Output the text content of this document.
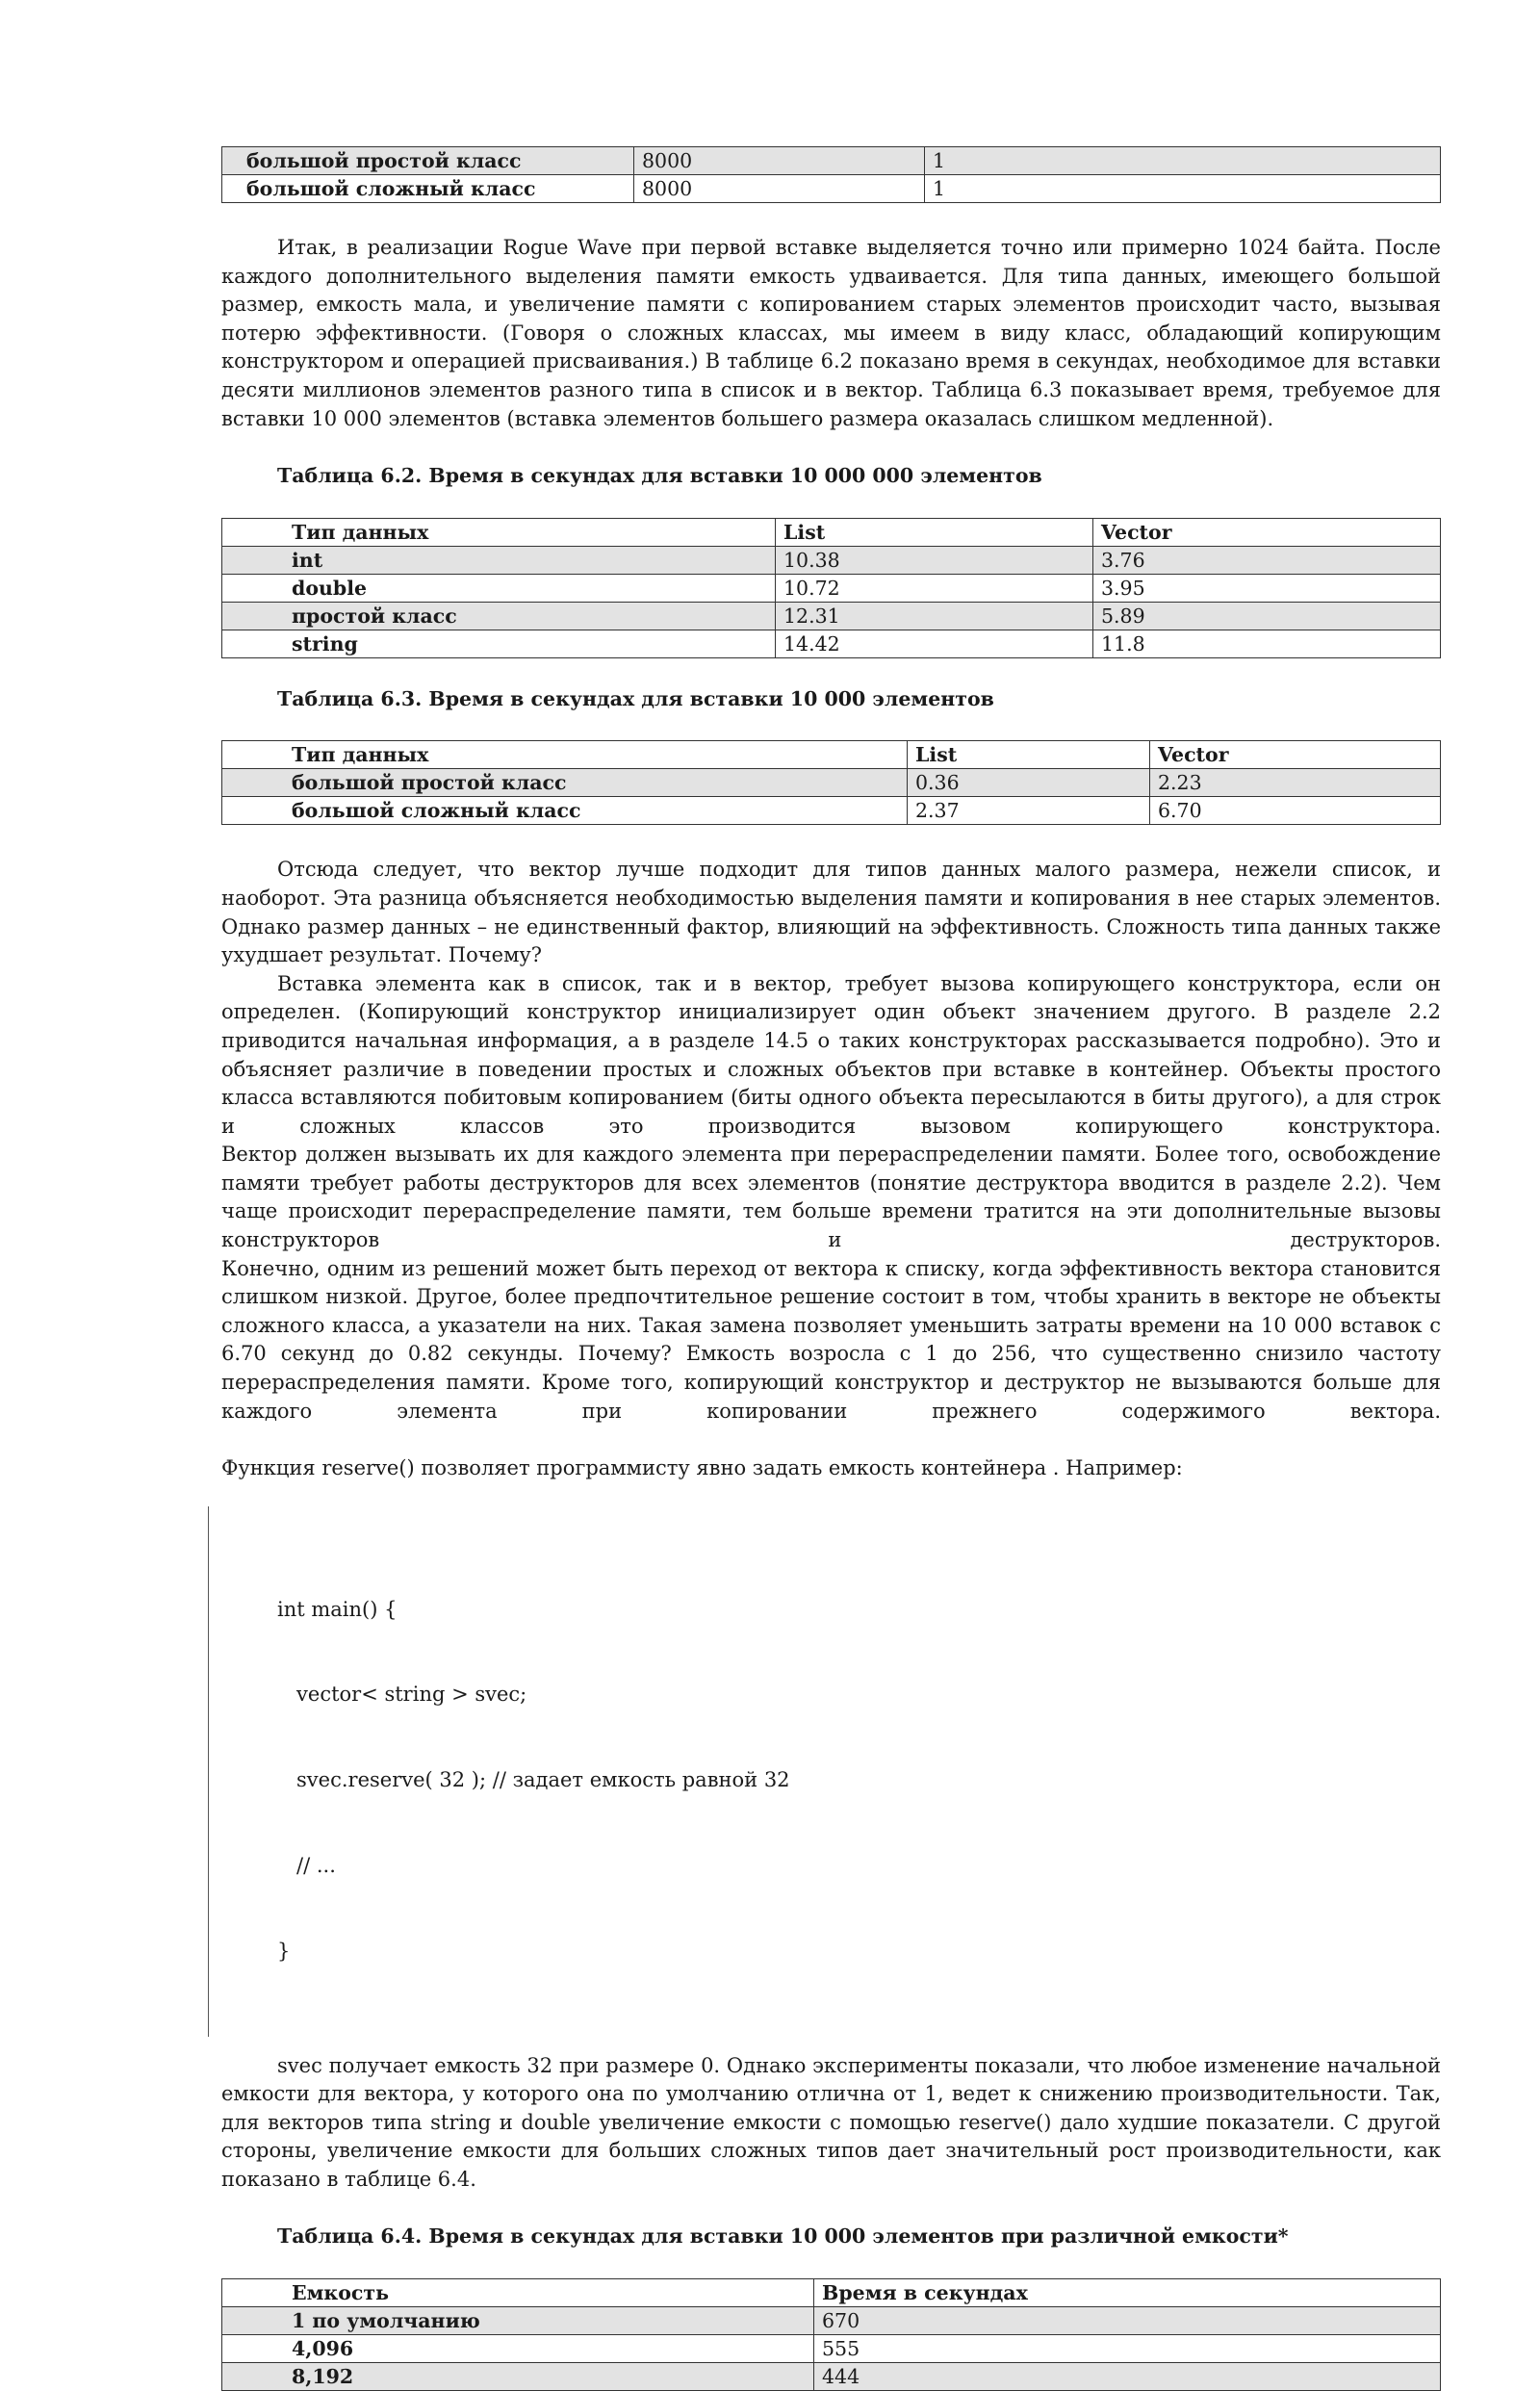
большой простой класс	8000	1
большой сложный класс	8000	1

Итак, в реализации Rogue Wave при первой вставке выделяется точно или примерно 1024 байта. После каждого дополнительного выделения памяти емкость удваивается. Для типа данных, имеющего большой размер, емкость мала, и увеличение памяти с копированием старых элементов происходит часто, вызывая потерю эффективности. (Говоря о сложных классах, мы имеем в виду класс, обладающий копирующим конструктором и операцией присваивания.) В таблице 6.2 показано время в секундах, необходимое для вставки десяти миллионов элементов разного типа в список и в вектор. Таблица 6.3 показывает время, требуемое для вставки 10 000 элементов (вставка элементов большего размера оказалась слишком медленной).

Таблица 6.2. Время в секундах для вставки 10 000 000 элементов
Тип данных	List	Vector
int	10.38	3.76
double	10.72	3.95
простой класс	12.31	5.89
string	14.42	11.8
Таблица 6.3. Время в секундах для вставки 10 000 элементов
Тип данных	List	Vector
большой простой класс	0.36	2.23
большой сложный класс	2.37	6.70

Отсюда следует, что вектор лучше подходит для типов данных малого размера, нежели список, и наоборот. Эта разница объясняется необходимостью выделения памяти и копирования в нее старых элементов. Однако размер данных – не единственный фактор, влияющий на эффективность. Сложность типа данных также ухудшает результат. Почему?

Вставка элемента как в список, так и в вектор, требует вызова копирующего конструктора, если он определен. (Копирующий конструктор инициализирует один объект значением другого. В разделе 2.2 приводится начальная информация, а в разделе 14.5 о таких конструкторах рассказывается подробно). Это и объясняет различие в поведении простых и сложных объектов при вставке в контейнер. Объекты простого класса вставляются побитовым копированием (биты одного объекта пересылаются в биты другого), а для строк и сложных классов это производится вызовом копирующего конструктора.

Вектор должен вызывать их для каждого элемента при перераспределении памяти. Более того, освобождение памяти требует работы деструкторов для всех элементов (понятие деструктора вводится в разделе 2.2). Чем чаще происходит перераспределение памяти, тем больше времени тратится на эти дополнительные вызовы конструкторов и деструкторов.

Конечно, одним из решений может быть переход от вектора к списку, когда эффективность вектора становится слишком низкой. Другое, более предпочтительное решение состоит в том, чтобы хранить в векторе не объекты сложного класса, а указатели на них. Такая замена позволяет уменьшить затраты времени на 10 000 вставок с 6.70 секунд до 0.82 секунды. Почему? Емкость возросла с 1 до 256, что существенно снизило частоту перераспределения памяти. Кроме того, копирующий конструктор и деструктор не вызываются больше для каждого элемента при копировании прежнего содержимого вектора.

Функция reserve() позволяет программисту явно задать емкость контейнера . Например:

int main() {

vector< string > svec;

svec.reserve( 32 ); // задает емкость равной 32

// ...

}

svec получает емкость 32 при размере 0. Однако эксперименты показали, что любое изменение начальной емкости для вектора, у которого она по умолчанию отлична от 1, ведет к снижению производительности. Так, для векторов типа string и double увеличение емкости с помощью reserve() дало худшие показатели. С другой стороны, увеличение емкости для больших сложных типов дает значительный рост производительности, как показано в таблице 6.4.

Таблица 6.4. Время в секундах для вставки 10 000 элементов при различной емкости*
Емкость	Время в секундах
1 по умолчанию	670
4,096	555
8,192	444
